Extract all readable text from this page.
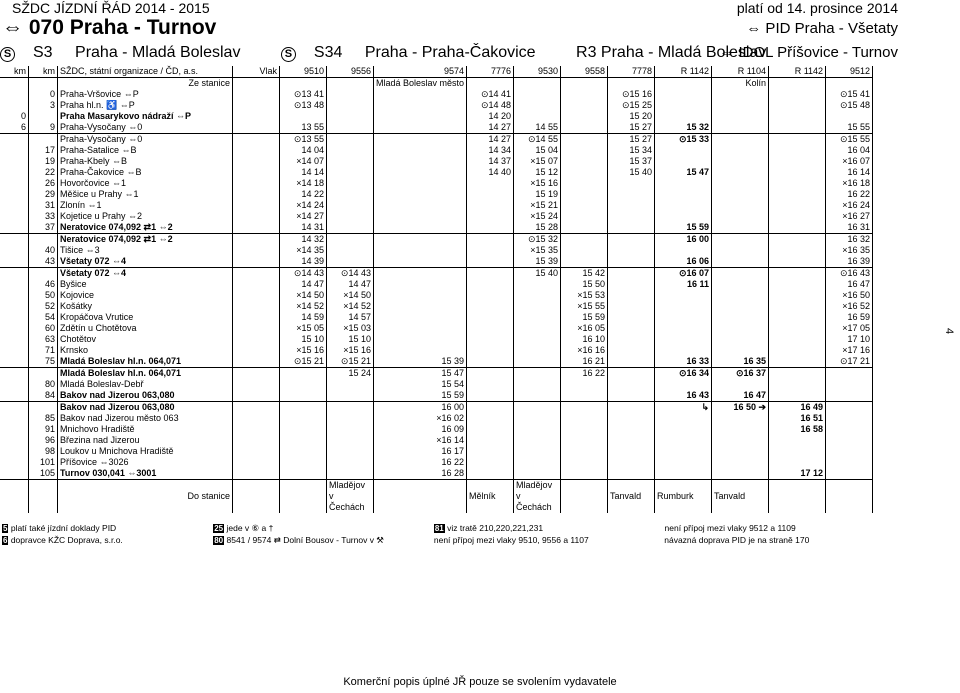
SŽDC JÍZDNÍ ŘÁD 2014 - 2015	platí od 14. prosince 2014
⇔ 070 Praha - Turnov	⇔ PID Praha - Všetaty
S S3 Praha - Mladá Boleslav	S S34 Praha - Praha-Čakovice	R3 Praha - Mladá Boleslav
⇔ IDOL Příšovice - Turnov
km	km	SŽDC, státní organizace / ČD, a.s.	Vlak	9510	9556	9574	7776	9530	9558	7778	R 1142	R 1104	R 1142	9512
		Ze stanice				Mladá Boleslav město						Kolín		
	0	Praha-Vršovice ⇔P		⊙13 41			⊙14 41			⊙15 16				⊙15 41
	3	Praha hl.n. ♿ ⇔P		⊙13 48			⊙14 48			⊙15 25				⊙15 48
0		Praha Masarykovo nádraží ⇔P					14 20			15 20				
6	9	Praha-Vysočany ⇔0		13 55			14 27	14 55		15 27	15 32			15 55
		Praha-Vysočany ⇔0		⊙13 55			14 27	⊙14 55		15 27	⊙15 33			⊙15 55
	17	Praha-Satalice ⇔B		14 04			14 34	15 04		15 34				16 04
	19	Praha-Kbely ⇔B		×14 07			14 37	×15 07		15 37				×16 07
	22	Praha-Čakovice ⇔B		14 14			14 40	15 12		15 40	15 47			16 14
	26	Hovorčovice ⇔1		×14 18				×15 16						×16 18
	29	Měšice u Prahy ⇔1		14 22				15 19						16 22
	31	Zlonín ⇔1		×14 24				×15 21						×16 24
	33	Kojetice u Prahy ⇔2		×14 27				×15 24						×16 27
	37	Neratovice 074,092 ⇄1 ⇔2		14 31				15 28			15 59			16 31
		Neratovice 074,092 ⇄1 ⇔2		14 32				⊙15 32			16 00			16 32
	40	Tišice ⇔3		×14 35				×15 35						×16 35
	43	Všetaty 072 ⇔4		14 39				15 39			16 06			16 39
		Všetaty 072 ⇔4		⊙14 43	⊙14 43			15 40	15 42		⊙16 07			⊙16 43
	46	Byšice		14 47	14 47				15 50		16 11			16 47
	50	Kojovice		×14 50	×14 50				×15 53					×16 50
	52	Košátky		×14 52	×14 52				×15 55					×16 52
	54	Kropáčova Vrutice		14 59	14 57				15 59					16 59
	60	Zdětín u Chotětova		×15 05	×15 03				×16 05					×17 05
	63	Chotětov		15 10	15 10				16 10					17 10
	71	Krnsko		×15 16	×15 16				×16 16					×17 16
	75	Mladá Boleslav hl.n. 064,071		⊙15 21	⊙15 21	15 39			16 21		16 33	16 35		⊙17 21
		Mladá Boleslav hl.n. 064,071			15 24	15 47			16 22		⊙16 34	⊙16 37		
	80	Mladá Boleslav-Debř				15 54								
	84	Bakov nad Jizerou 063,080				15 59					16 43	16 47		
		Bakov nad Jizerou 063,080				16 00					↳	16 50 ➔	16 49	
	85	Bakov nad Jizerou město 063				×16 02							16 51	
	91	Mnichovo Hradiště				16 09							16 58	
	96	Březina nad Jizerou				×16 14								
	98	Loukov u Mnichova Hradiště				16 17								
	101	Příšovice ⇔3026				16 22								
	105	Turnov 030,041 ⇔3001				16 28							17 12	
		Do stanice			Mladějov v Čechách		Mělník	Mladějov v Čechách		Tanvald	Rumburk	Tanvald		
5 platí také jízdní doklady PID	25 jede v ⑥ a †	81 viz tratě 210,220,221,231	není přípoj mezi vlaky 9512 a 1109
6 dopravce KŽC Doprava, s.r.o.	80 8541 / 9574 ⇄ Dolní Bousov - Turnov v ⚒	není přípoj mezi vlaky 9510, 9556 a 1107	návazná doprava PID je na straně 170
4
Komerční popis úplné JŘ pouze se svolením vydavatele
